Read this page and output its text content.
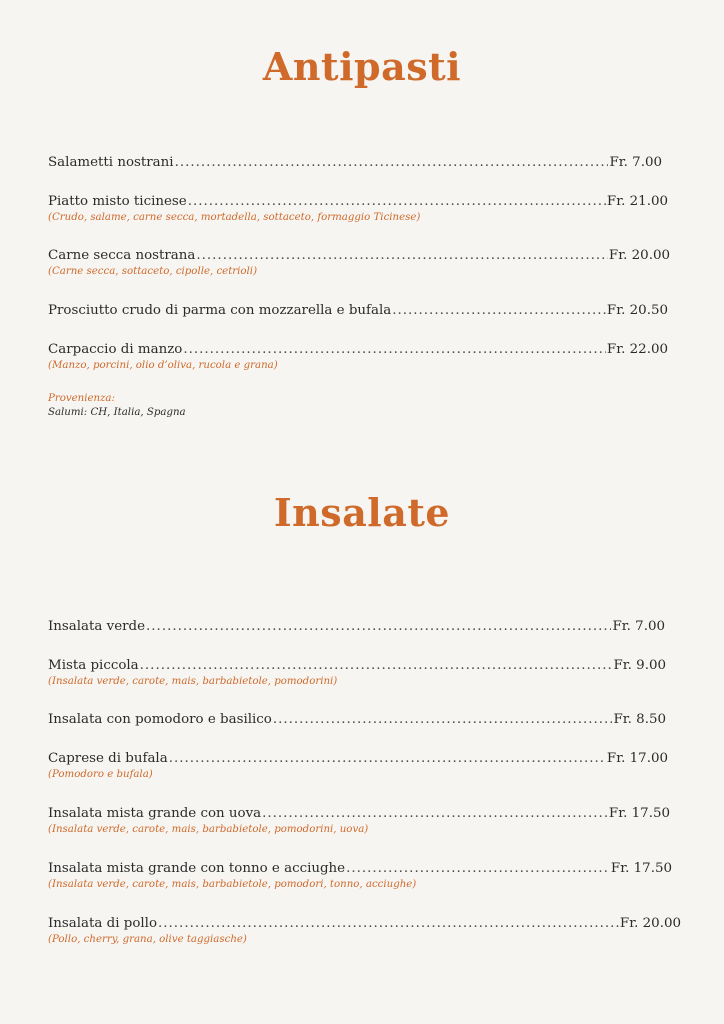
Antipasti
Salametti nostrani .....	Fr. 7.00
Piatto misto ticinese .....	Fr. 21.00
(Crudo, salame, carne secca, mortadella, sottaceto, formaggio Ticinese)
Carne secca nostrana .....	Fr. 20.00
(Carne secca, sottaceto, cipolle, cetrioli)
Prosciutto crudo di parma con mozzarella e bufala .....	Fr. 20.50
Carpaccio di manzo .....	Fr. 22.00
(Manzo, porcini, olio d’oliva, rucola e grana)
Provenienza:
Salumi: CH, Italia, Spagna
Insalate
Insalata verde .....	Fr. 7.00
Mista piccola .....	Fr. 9.00
(Insalata verde, carote, mais, barbabietole, pomodorini)
Insalata con pomodoro e basilico .....	Fr. 8.50
Caprese di bufala .....	Fr. 17.00
(Pomodoro e bufala)
Insalata mista grande con uova .....	Fr. 17.50
(Insalata verde, carote, mais, barbabietole, pomodorini, uova)
Insalata mista grande con tonno e acciughe .....	Fr. 17.50
(Insalata verde, carote, mais, barbabietole, pomodori, tonno, acciughe)
Insalata di pollo .....	Fr. 20.00
(Pollo, cherry, grana, olive taggiasche)
